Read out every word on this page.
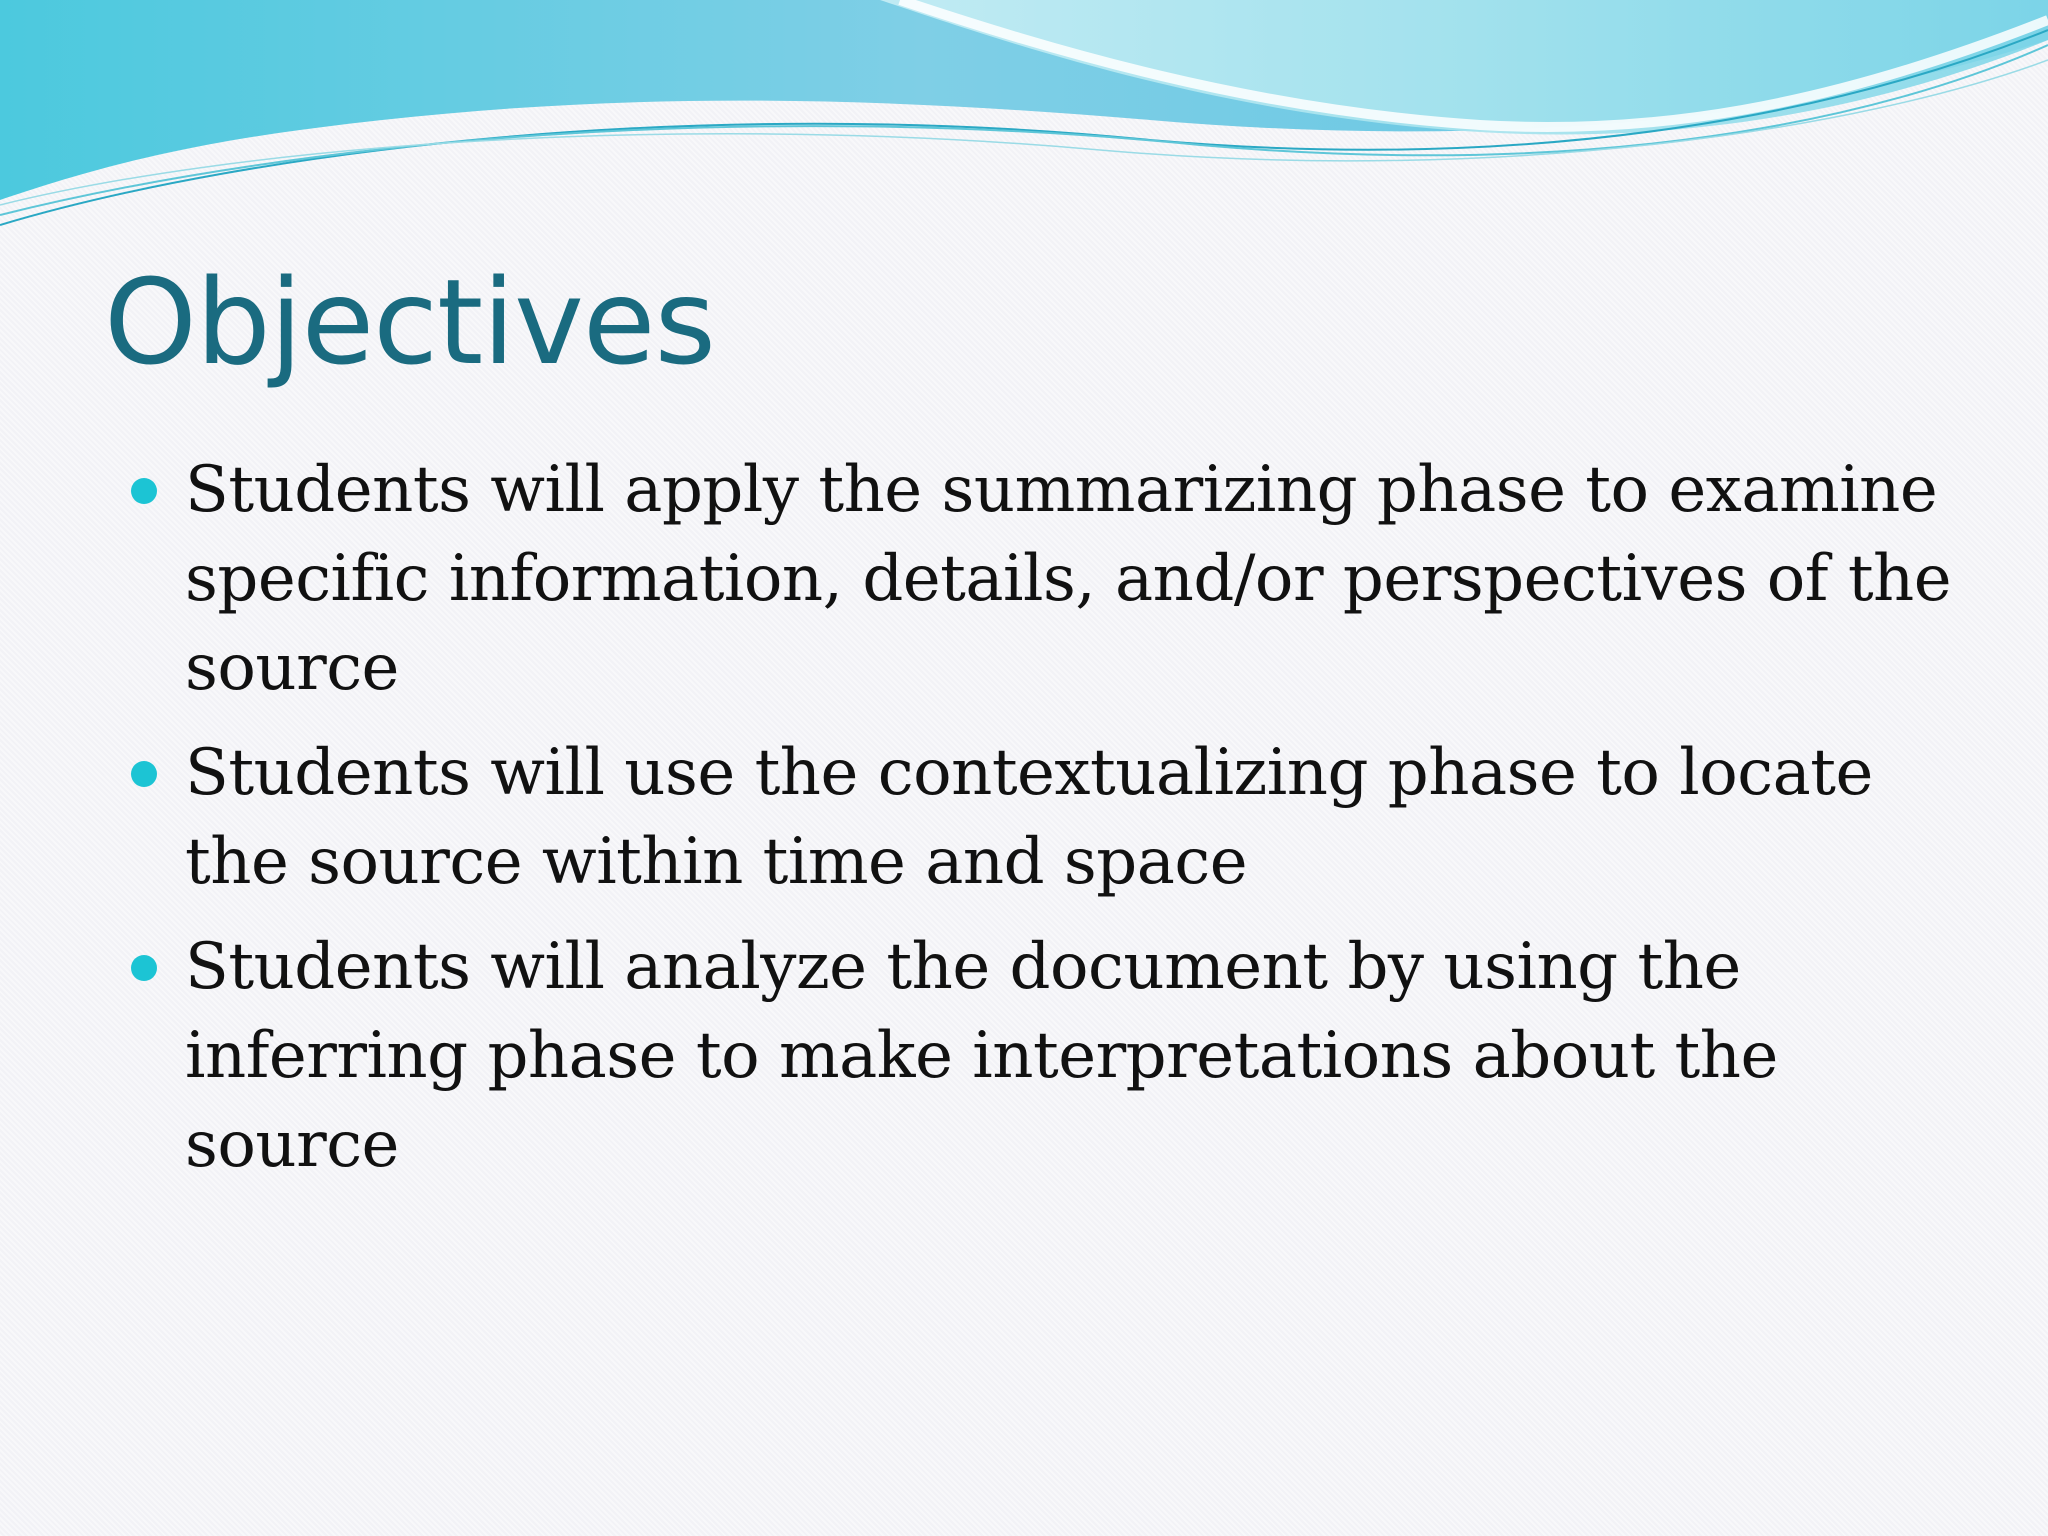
Objectives
Students will apply the summarizing phase to examine specific information, details, and/or perspectives of the source
Students will use the contextualizing phase to locate the source within time and space
Students will analyze the document by using the inferring phase to make interpretations about the source
